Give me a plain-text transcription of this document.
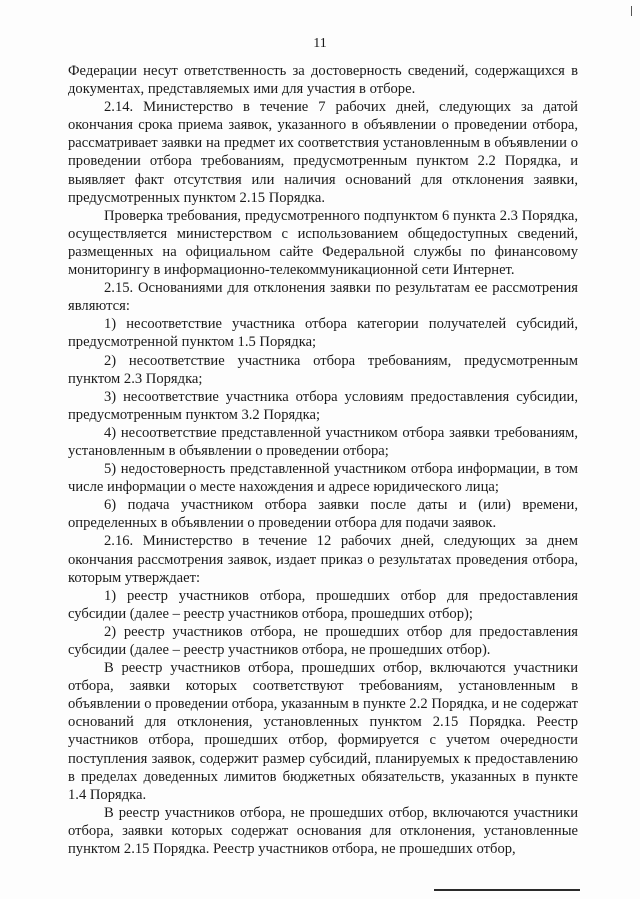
11

Федерации несут ответственность за достоверность сведений, содержащихся в документах, представляемых ими для участия в отборе.

2.14. Министерство в течение 7 рабочих дней, следующих за датой окончания срока приема заявок, указанного в объявлении о проведении отбора, рассматривает заявки на предмет их соответствия установленным в объявлении о проведении отбора требованиям, предусмотренным пунктом 2.2 Порядка, и выявляет факт отсутствия или наличия оснований для отклонения заявки, предусмотренных пунктом 2.15 Порядка.

Проверка требования, предусмотренного подпунктом 6 пункта 2.3 Порядка, осуществляется министерством с использованием общедоступных сведений, размещенных на официальном сайте Федеральной службы по финансовому мониторингу в информационно-телекоммуникационной сети Интернет.

2.15. Основаниями для отклонения заявки по результатам ее рассмотрения являются:

1) несоответствие участника отбора категории получателей субсидий, предусмотренной пунктом 1.5 Порядка;

2) несоответствие участника отбора требованиям, предусмотренным пунктом 2.3 Порядка;

3) несоответствие участника отбора условиям предоставления субсидии, предусмотренным пунктом 3.2 Порядка;

4) несоответствие представленной участником отбора заявки требованиям, установленным в объявлении о проведении отбора;

5) недостоверность представленной участником отбора информации, в том числе информации о месте нахождения и адресе юридического лица;

6) подача участником отбора заявки после даты и (или) времени, определенных в объявлении о проведении отбора для подачи заявок.

2.16. Министерство в течение 12 рабочих дней, следующих за днем окончания рассмотрения заявок, издает приказ о результатах проведения отбора, которым утверждает:

1) реестр участников отбора, прошедших отбор для предоставления субсидии (далее – реестр участников отбора, прошедших отбор);

2) реестр участников отбора, не прошедших отбор для предоставления субсидии (далее – реестр участников отбора, не прошедших отбор).

В реестр участников отбора, прошедших отбор, включаются участники отбора, заявки которых соответствуют требованиям, установленным в объявлении о проведении отбора, указанным в пункте 2.2 Порядка, и не содержат оснований для отклонения, установленных пунктом 2.15 Порядка. Реестр участников отбора, прошедших отбор, формируется с учетом очередности поступления заявок, содержит размер субсидий, планируемых к предоставлению в пределах доведенных лимитов бюджетных обязательств, указанных в пункте 1.4 Порядка.

В реестр участников отбора, не прошедших отбор, включаются участники отбора, заявки которых содержат основания для отклонения, установленные пунктом 2.15 Порядка. Реестр участников отбора, не прошедших отбор,
